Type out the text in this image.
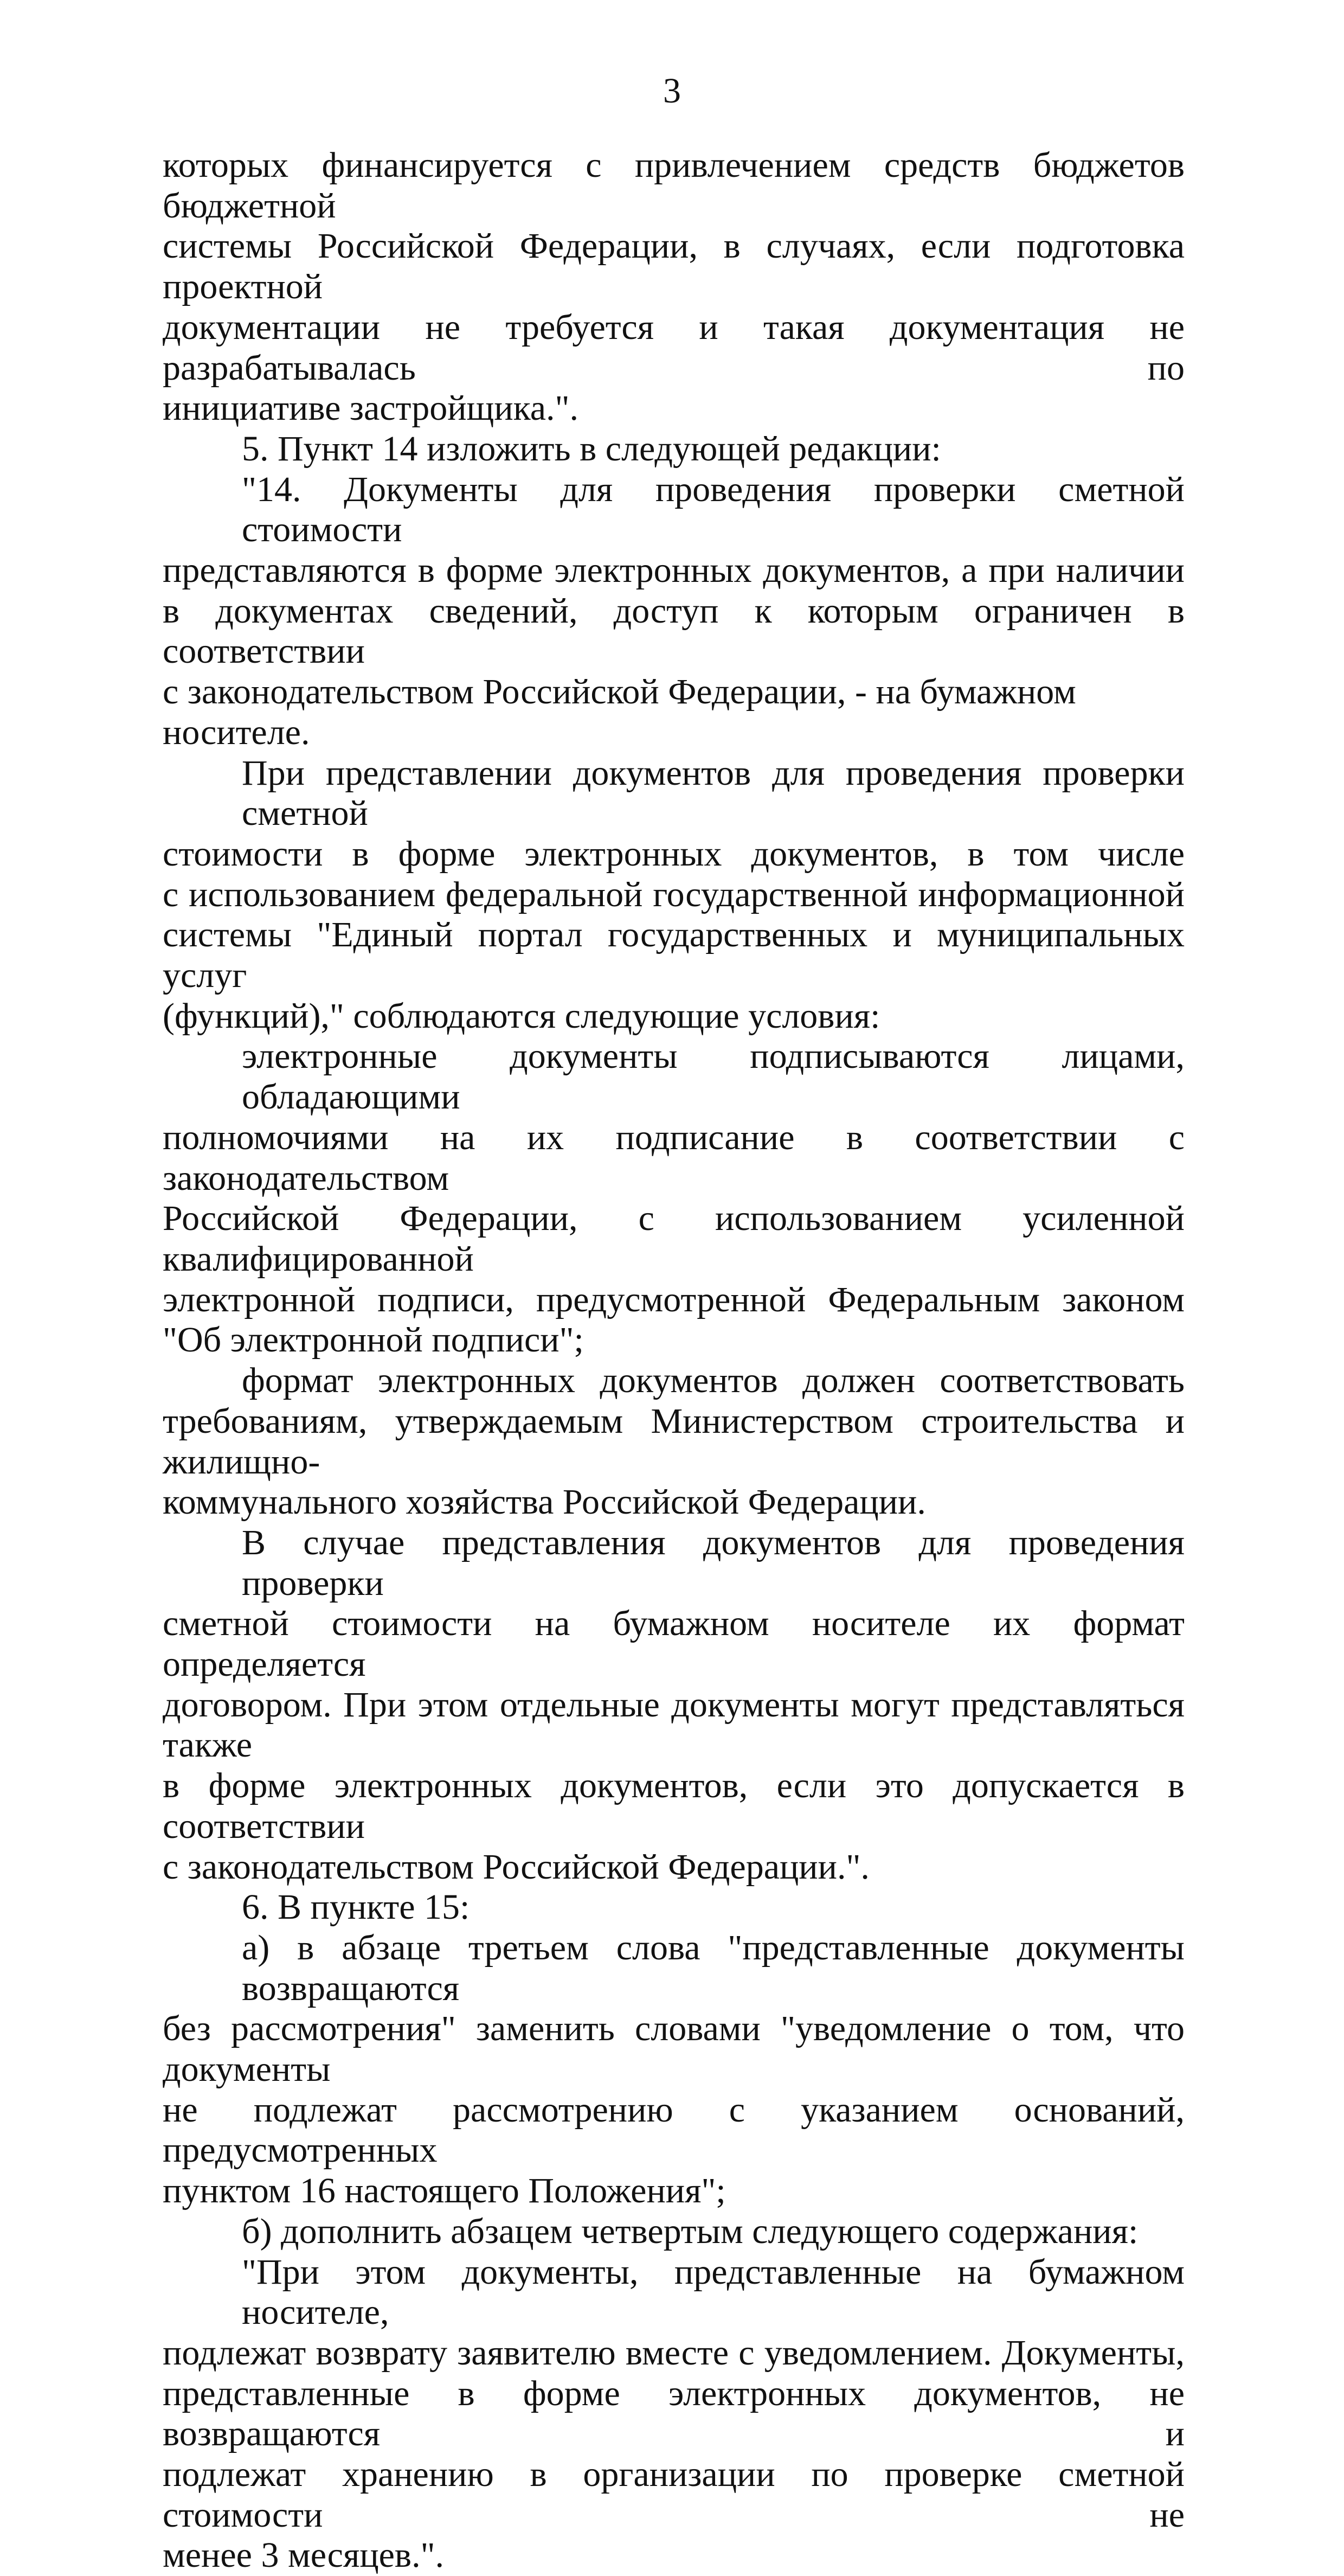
3
которых финансируется с привлечением средств бюджетов бюджетной
системы Российской Федерации, в случаях, если подготовка проектной
документации не требуется и такая документация не разрабатывалась по
инициативе застройщика.".
5. Пункт 14 изложить в следующей редакции:
"14. Документы для проведения проверки сметной стоимости
представляются в форме электронных документов, а при наличии
в документах сведений, доступ к которым ограничен в соответствии
с законодательством Российской Федерации, - на бумажном носителе.
При представлении документов для проведения проверки сметной
стоимости в форме электронных документов, в том числе
с использованием федеральной государственной информационной
системы "Единый портал государственных и муниципальных услуг
(функций)," соблюдаются следующие условия:
электронные документы подписываются лицами, обладающими
полномочиями на их подписание в соответствии с законодательством
Российской Федерации, с использованием усиленной квалифицированной
электронной подписи, предусмотренной Федеральным законом
"Об электронной подписи";
формат электронных документов должен соответствовать
требованиям, утверждаемым Министерством строительства и жилищно-
коммунального хозяйства Российской Федерации.
В случае представления документов для проведения проверки
сметной стоимости на бумажном носителе их формат определяется
договором. При этом отдельные документы могут представляться также
в форме электронных документов, если это допускается в соответствии
с законодательством Российской Федерации.".
6. В пункте 15:
а) в абзаце третьем слова "представленные документы возвращаются
без рассмотрения" заменить словами "уведомление о том, что документы
не подлежат рассмотрению с указанием оснований, предусмотренных
пунктом 16 настоящего Положения";
б) дополнить абзацем четвертым следующего содержания:
"При этом документы, представленные на бумажном носителе,
подлежат возврату заявителю вместе с уведомлением. Документы,
представленные в форме электронных документов, не возвращаются и
подлежат хранению в организации по проверке сметной стоимости не
менее 3 месяцев.".
